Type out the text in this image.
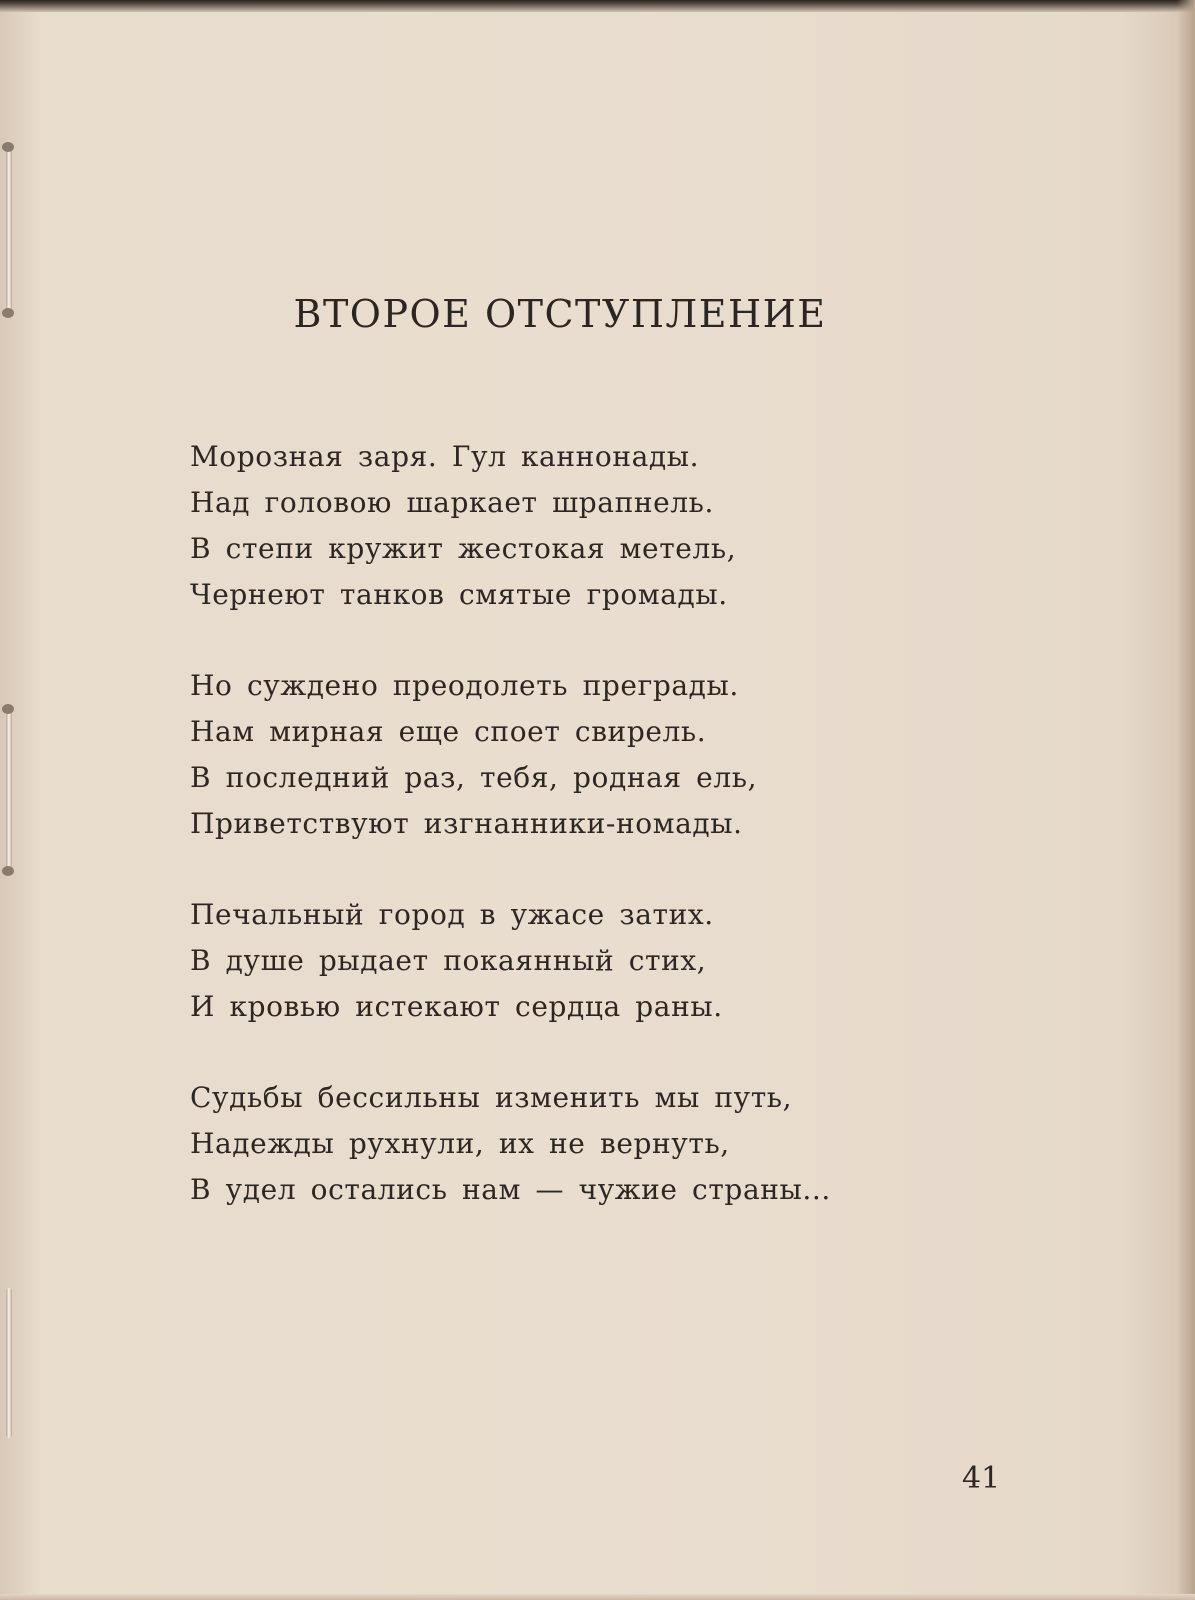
ВТОРОЕ ОТСТУПЛЕНИЕ
Морозная заря. Гул каннонады.
Над головою шаркает шрапнель.
В степи кружит жестокая метель,
Чернеют танков смятые громады.
Но суждено преодолеть преграды.
Нам мирная еще споет свирель.
В последний раз, тебя, родная ель,
Приветствуют изгнанники-номады.
Печальный город в ужасе затих.
В душе рыдает покаянный стих,
И кровью истекают сердца раны.
Судьбы бессильны изменить мы путь,
Надежды рухнули, их не вернуть,
В удел остались нам — чужие страны...
41
